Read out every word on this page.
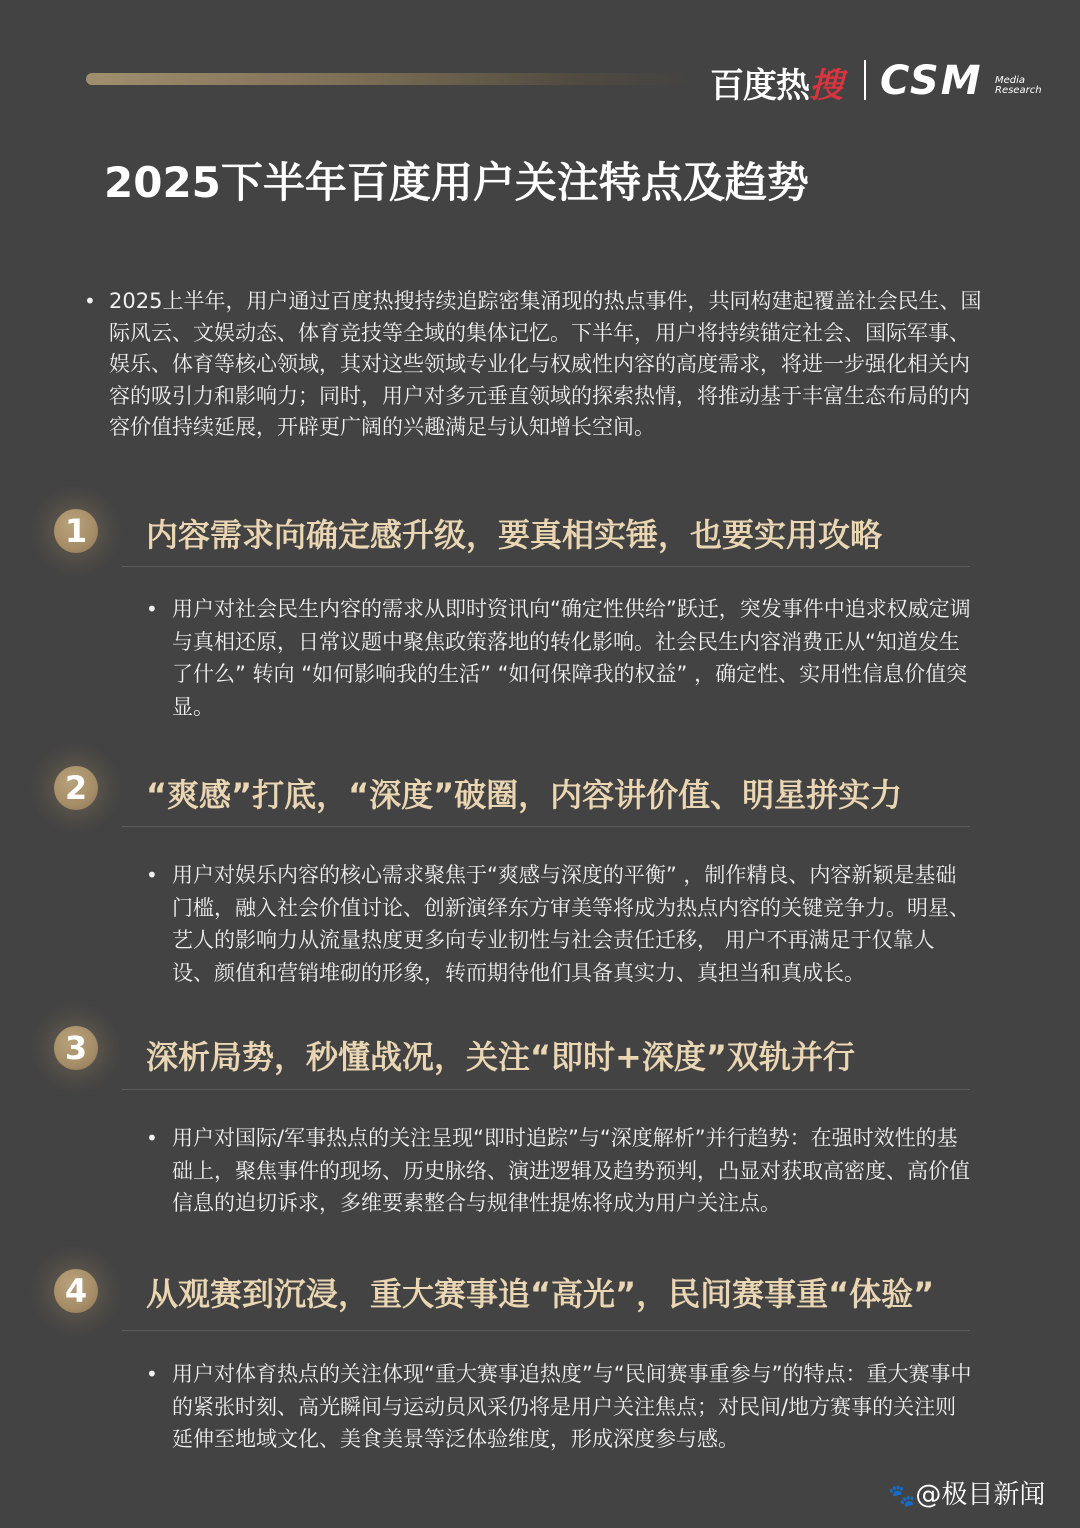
百度热搜 CSM Media
Research
2025下半年百度用户关注特点及趋势
• 2025上半年，用户通过百度热搜持续追踪密集涌现的热点事件，共同构建起覆盖社会民生、国际风云、文娱动态、体育竞技等全域的集体记忆。下半年，用户将持续锚定社会、国际军事、娱乐、体育等核心领域，其对这些领域专业化与权威性内容的高度需求，将进一步强化相关内容的吸引力和影响力；同时，用户对多元垂直领域的探索热情，将推动基于丰富生态布局的内容价值持续延展，开辟更广阔的兴趣满足与认知增长空间。
1	内容需求向确定感升级，要真相实锤，也要实用攻略
• 用户对社会民生内容的需求从即时资讯向“确定性供给”跃迁，突发事件中追求权威定调与真相还原，日常议题中聚焦政策落地的转化影响。社会民生内容消费正从“知道发生了什么” 转向 “如何影响我的生活” “如何保障我的权益” ，确定性、实用性信息价值突显。
2	“爽感”打底，“深度”破圈，内容讲价值、明星拼实力
• 用户对娱乐内容的核心需求聚焦于“爽感与深度的平衡” ，制作精良、内容新颖是基础门槛，融入社会价值讨论、创新演绎东方审美等将成为热点内容的关键竞争力。明星、艺人的影响力从流量热度更多向专业韧性与社会责任迁移， 用户不再满足于仅靠人设、颜值和营销堆砌的形象，转而期待他们具备真实力、真担当和真成长。
3	深析局势，秒懂战况，关注“即时+深度”双轨并行
• 用户对国际/军事热点的关注呈现“即时追踪”与“深度解析”并行趋势：在强时效性的基础上，聚焦事件的现场、历史脉络、演进逻辑及趋势预判，凸显对获取高密度、高价值信息的迫切诉求，多维要素整合与规律性提炼将成为用户关注点。
4	从观赛到沉浸，重大赛事追“高光”，民间赛事重“体验”
• 用户对体育热点的关注体现“重大赛事追热度”与“民间赛事重参与”的特点：重大赛事中的紧张时刻、高光瞬间与运动员风采仍将是用户关注焦点；对民间/地方赛事的关注则延伸至地域文化、美食美景等泛体验维度，形成深度参与感。
🐾@极目新闻
